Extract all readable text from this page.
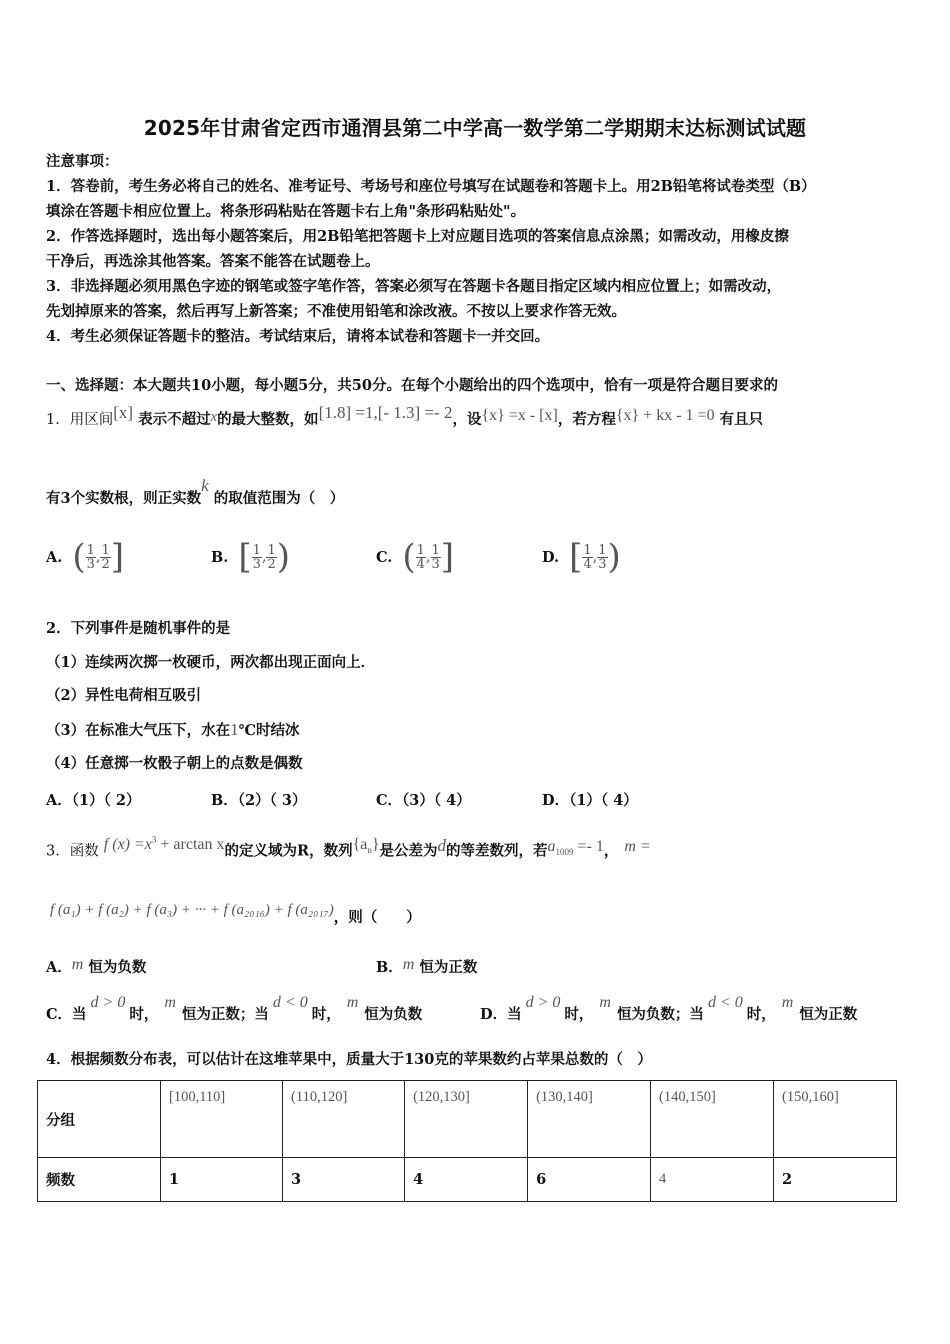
2025年甘肃省定西市通渭县第二中学高一数学第二学期期末达标测试试题
注意事项：
1．答卷前，考生务必将自己的姓名、准考证号、考场号和座位号填写在试题卷和答题卡上。用2B铅笔将试卷类型（B）
填涂在答题卡相应位置上。将条形码粘贴在答题卡右上角"条形码粘贴处"。
2．作答选择题时，选出每小题答案后，用2B铅笔把答题卡上对应题目选项的答案信息点涂黑；如需改动，用橡皮擦
干净后，再选涂其他答案。答案不能答在试题卷上。
3．非选择题必须用黑色字迹的钢笔或签字笔作答，答案必须写在答题卡各题目指定区域内相应位置上；如需改动，
先划掉原来的答案，然后再写上新答案；不准使用铅笔和涂改液。不按以上要求作答无效。
4．考生必须保证答题卡的整洁。考试结束后，请将本试卷和答题卡一并交回。
一、选择题：本大题共10小题，每小题5分，共50分。在每个小题给出的四个选项中，恰有一项是符合题目要求的
1．用区间[x] 表示不超过x的最大整数，如[1.8] =1,[- 1.3] =- 2，设{x} =x - [x]，若方程{x} + kx - 1 =0 有且只
有3个实数根，则正实数k 的取值范围为（　）
A. ( $\frac{1}{3}$ , $\frac{1}{2}$ ]	B. [ $\frac{1}{3}$ , $\frac{1}{2}$ )	C. ( $\frac{1}{4}$ , $\frac{1}{3}$ ]	D. [ $\frac{1}{4}$ , $\frac{1}{3}$ )
2．下列事件是随机事件的是
（1）连续两次掷一枚硬币，两次都出现正面向上．
（2）异性电荷相互吸引
（3）在标准大气压下，水在1℃时结冰
（4）任意掷一枚骰子朝上的点数是偶数
A．（1）（ 2）	B．（2）（ 3）	C．（3）（ 4）	D．（1）（ 4）
3．函数 f $(x) =x^3 + \arctan x$的定义域为R，数列$\{a_n\}$是公差为d的等差数列，若$a_{1009} =- 1$， m =
f (a₁) + f (a₂) + f (a₃) + ··· + f (a₂₀₁₆) + f (a₂₀₁₇)，则（　　）
A．m 恒为负数	B．m 恒为正数
C．当d > 0时，m恒为正数；当d < 0时，m恒为负数	D．当d > 0时，m恒为负数；当d < 0时，m恒为正数
4．根据频数分布表，可以估计在这堆苹果中，质量大于130克的苹果数约占苹果总数的（　）
分组	[100,110]	(110,120]	(120,130]	(130,140]	(140,150]	(150,160]
频数	1	3	4	6	4	2
